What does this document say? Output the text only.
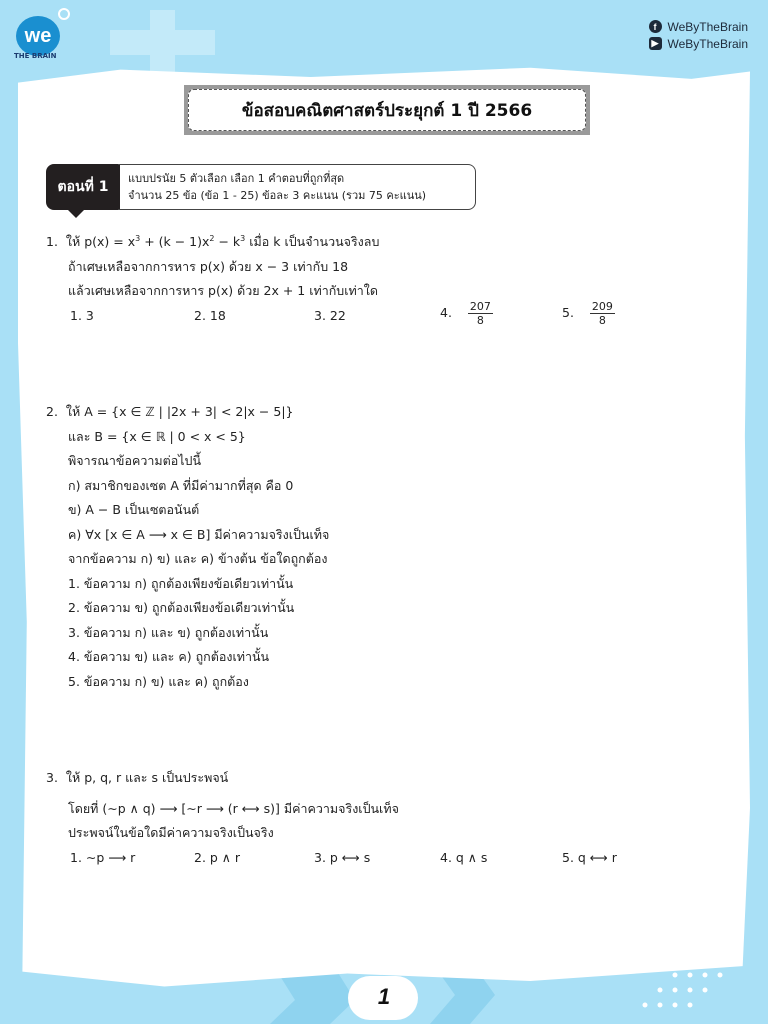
we
THE BRAIN
f WeByTheBrain
▶ WeByTheBrain
ข้อสอบคณิตศาสตร์ประยุกต์ 1 ปี 2566
ตอนที่ 1
แบบปรนัย 5 ตัวเลือก เลือก 1 คำตอบที่ถูกที่สุด
จำนวน 25 ข้อ (ข้อ 1 - 25) ข้อละ 3 คะแนน (รวม 75 คะแนน)
1. ให้ $p(x) = x^3 + (k - 1)x^2 - k^3$ เมื่อ k เป็นจำนวนจริงลบ
ถ้าเศษเหลือจากการหาร p(x) ด้วย x − 3 เท่ากับ 18
แล้วเศษเหลือจากการหาร p(x) ด้วย 2x + 1 เท่ากับเท่าใด
1. 3	2. 18	3. 22	4. $\frac{207}{8}$	5. $\frac{209}{8}$
2. ให้ A = {x ∈ ℤ | |2x + 3| < 2|x − 5|}
และ B = {x ∈ ℝ | 0 < x < 5}
พิจารณาข้อความต่อไปนี้
ก) สมาชิกของเซต A ที่มีค่ามากที่สุด คือ 0
ข) A − B เป็นเซตอนันต์
ค) ∀x [x ∈ A ⟶ x ∈ B] มีค่าความจริงเป็นเท็จ
จากข้อความ ก) ข) และ ค) ข้างต้น ข้อใดถูกต้อง
1. ข้อความ ก) ถูกต้องเพียงข้อเดียวเท่านั้น
2. ข้อความ ข) ถูกต้องเพียงข้อเดียวเท่านั้น
3. ข้อความ ก) และ ข) ถูกต้องเท่านั้น
4. ข้อความ ข) และ ค) ถูกต้องเท่านั้น
5. ข้อความ ก) ข) และ ค) ถูกต้อง
3. ให้ p, q, r และ s เป็นประพจน์
โดยที่ (∼p ∧ q) ⟶ [∼r ⟶ (r ⟷ s)] มีค่าความจริงเป็นเท็จ
ประพจน์ในข้อใดมีค่าความจริงเป็นจริง
1. ∼p ⟶ r	2. p ∧ r	3. p ⟷ s	4. q ∧ s	5. q ⟷ r
1
